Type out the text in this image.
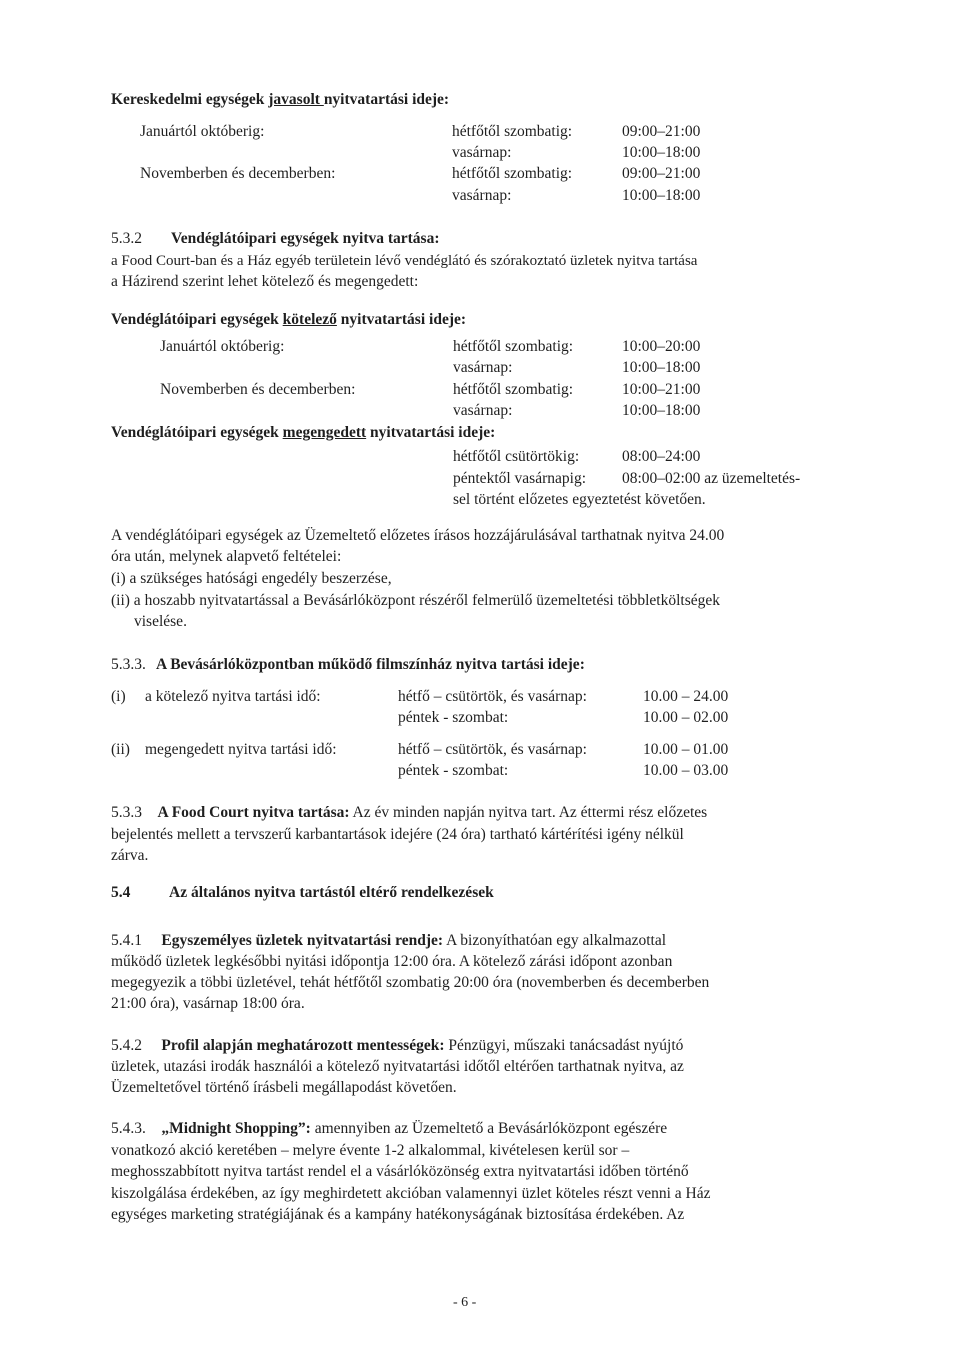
Kereskedelmi egységek javasolt nyitvatartási ideje:
Januártól októberig:	hétfőtől szombatig:	09:00–21:00
vasárnap:	10:00–18:00
Novemberben és decemberben:	hétfőtől szombatig:	09:00–21:00
vasárnap:	10:00–18:00
5.3.2 Vendéglátóipari egységek nyitva tartása:
a Food Court-ban és a Ház egyéb területein lévő vendéglátó és szórakoztató üzletek nyitva tartása
a Házirend szerint lehet kötelező és megengedett:
Vendéglátóipari egységek kötelező nyitvatartási ideje:
Januártól októberig:	hétfőtől szombatig:	10:00–20:00
vasárnap:	10:00–18:00
Novemberben és decemberben:	hétfőtől szombatig:	10:00–21:00
vasárnap:	10:00–18:00
Vendéglátóipari egységek megengedett nyitvatartási ideje:
hétfőtől csütörtökig:	08:00–24:00
péntektől vasárnapig: 08:00–02:00 az üzemeltetés-
sel történt előzetes egyeztetést követően.
A vendéglátóipari egységek az Üzemeltető előzetes írásos hozzájárulásával tarthatnak nyitva 24.00
óra után, melynek alapvető feltételei:
(i) a szükséges hatósági engedély beszerzése,
(ii) a hoszabb nyitvatartással a Bevásárlóközpont részéről felmerülő üzemeltetési többletköltségek
viselése.
5.3.3. A Bevásárlóközpontban működő filmszínház nyitva tartási ideje:
(i) a kötelező nyitva tartási idő:	hétfő – csütörtök, és vasárnap:	10.00 – 24.00
péntek - szombat:	10.00 – 02.00
(ii) megengedett nyitva tartási idő:	hétfő – csütörtök, és vasárnap:	10.00 – 01.00
péntek - szombat:	10.00 – 03.00
5.3.3 A Food Court nyitva tartása: Az év minden napján nyitva tart. Az éttermi rész előzetes
bejelentés mellett a tervszerű karbantartások idejére (24 óra) tartható kártérítési igény nélkül
zárva.
5.4 Az általános nyitva tartástól eltérő rendelkezések
5.4.1 Egyszemélyes üzletek nyitvatartási rendje: A bizonyíthatóan egy alkalmazottal
működő üzletek legkésőbbi nyitási időpontja 12:00 óra. A kötelező zárási időpont azonban
megegyezik a többi üzletével, tehát hétfőtől szombatig 20:00 óra (novemberben és decemberben
21:00 óra), vasárnap 18:00 óra.
5.4.2 Profil alapján meghatározott mentességek: Pénzügyi, műszaki tanácsadást nyújtó
üzletek, utazási irodák használói a kötelező nyitvatartási időtől eltérően tarthatnak nyitva, az
Üzemeltetővel történő írásbeli megállapodást követően.
5.4.3. „Midnight Shopping”: amennyiben az Üzemeltető a Bevásárlóközpont egészére
vonatkozó akció keretében – melyre évente 1-2 alkalommal, kivételesen kerül sor –
meghosszabbított nyitva tartást rendel el a vásárlóközönség extra nyitvatartási időben történő
kiszolgálása érdekében, az így meghirdetett akcióban valamennyi üzlet köteles részt venni a Ház
egységes marketing stratégiájának és a kampány hatékonyságának biztosítása érdekében. Az
- 6 -
